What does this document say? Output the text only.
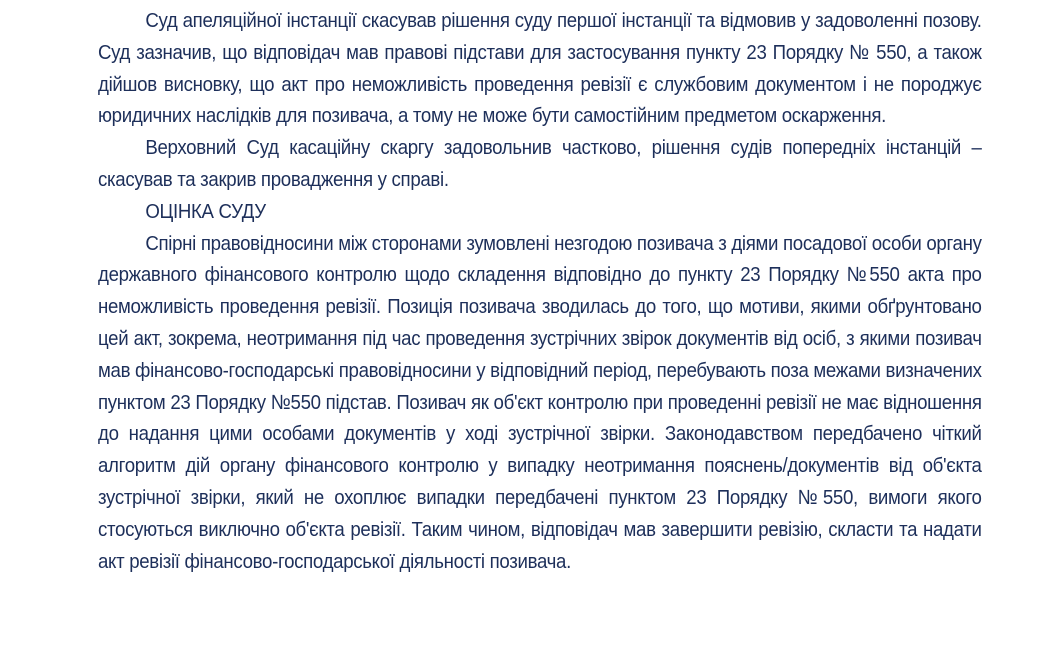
Суд апеляційної інстанції скасував рішення суду першої інстанції та відмовив у задоволенні позову. Суд зазначив, що відповідач мав правові підстави для застосування пункту 23 Порядку № 550, а також дійшов висновку, що акт про неможливість проведення ревізії є службовим документом і не породжує юридичних наслідків для позивача, а тому не може бути самостійним предметом оскарження.

Верховний Суд касаційну скаргу задовольнив частково, рішення судів попередніх інстанцій – скасував та закрив провадження у справі.

ОЦІНКА СУДУ

Спірні правовідносини між сторонами зумовлені незгодою позивача з діями посадової особи органу державного фінансового контролю щодо складення відповідно до пункту 23 Порядку №550 акта про неможливість проведення ревізії. Позиція позивача зводилась до того, що мотиви, якими обґрунтовано цей акт, зокрема, неотримання під час проведення зустрічних звірок документів від осіб, з якими позивач мав фінансово-господарські правовідносини у відповідний період, перебувають поза межами визначених пунктом 23 Порядку №550 підстав. Позивач як об'єкт контролю при проведенні ревізії не має відношення до надання цими особами документів у ході зустрічної звірки. Законодавством передбачено чіткий алгоритм дій органу фінансового контролю у випадку неотримання пояснень/документів від об'єкта зустрічної звірки, який не охоплює випадки передбачені пунктом 23 Порядку №550, вимоги якого стосуються виключно об'єкта ревізії. Таким чином, відповідач мав завершити ревізію, скласти та надати акт ревізії фінансово-господарської діяльності позивача.
